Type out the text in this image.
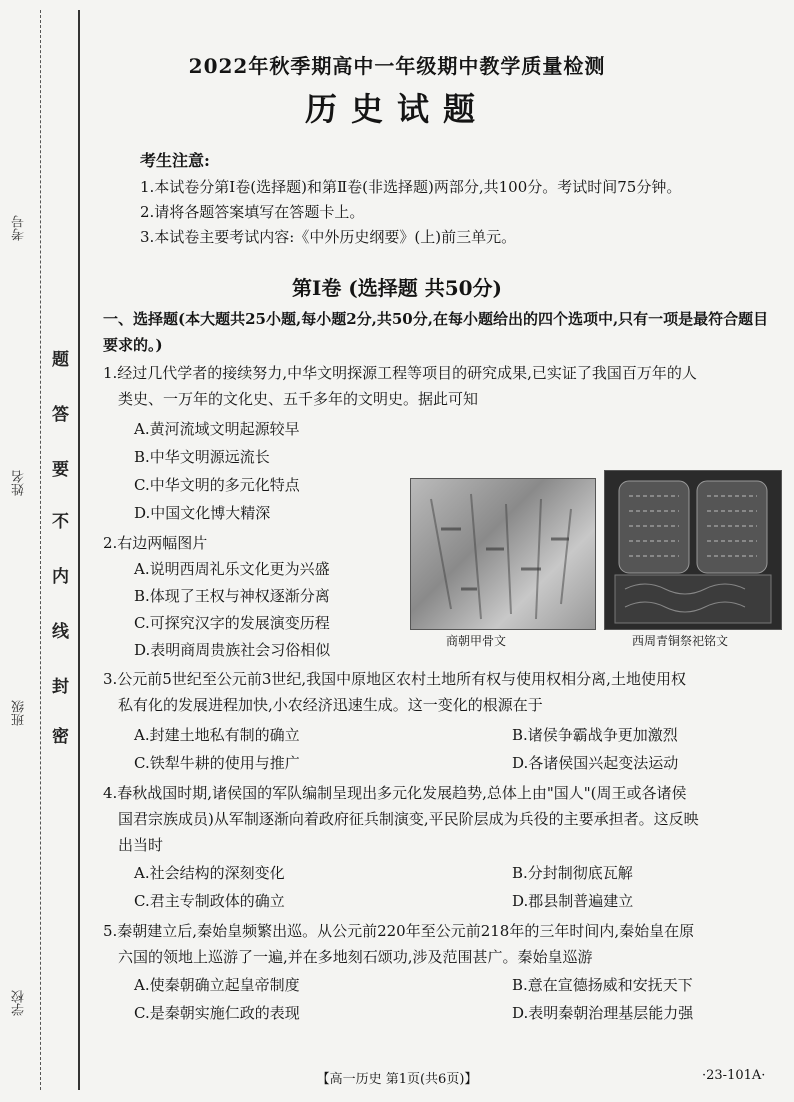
考号
姓名
班级
学校
密
封
线
内
不
要
答
题
2022年秋季期高中一年级期中教学质量检测
历史试题
考生注意:
1.本试卷分第Ⅰ卷(选择题)和第Ⅱ卷(非选择题)两部分,共100分。考试时间75分钟。
2.请将各题答案填写在答题卡上。
3.本试卷主要考试内容:《中外历史纲要》(上)前三单元。
第Ⅰ卷 (选择题 共50分)
一、选择题(本大题共25小题,每小题2分,共50分,在每小题给出的四个选项中,只有一项是最符合题目要求的。)
1.经过几代学者的接续努力,中华文明探源工程等项目的研究成果,已实证了我国百万年的人
类史、一万年的文化史、五千多年的文明史。据此可知
A.黄河流域文明起源较早
B.中华文明源远流长
C.中华文明的多元化特点
D.中国文化博大精深
2.右边两幅图片
A.说明西周礼乐文化更为兴盛
B.体现了王权与神权逐渐分离
C.可探究汉字的发展演变历程
D.表明商周贵族社会习俗相似	商朝甲骨文	西周青铜祭祀铭文
3.公元前5世纪至公元前3世纪,我国中原地区农村土地所有权与使用权相分离,土地使用权
私有化的发展进程加快,小农经济迅速生成。这一变化的根源在于
A.封建土地私有制的确立	B.诸侯争霸战争更加激烈
C.铁犁牛耕的使用与推广	D.各诸侯国兴起变法运动
4.春秋战国时期,诸侯国的军队编制呈现出多元化发展趋势,总体上由"国人"(周王或各诸侯
国君宗族成员)从军制逐渐向着政府征兵制演变,平民阶层成为兵役的主要承担者。这反映
出当时
A.社会结构的深刻变化	B.分封制彻底瓦解
C.君主专制政体的确立	D.郡县制普遍建立
5.秦朝建立后,秦始皇频繁出巡。从公元前220年至公元前218年的三年时间内,秦始皇在原
六国的领地上巡游了一遍,并在多地刻石颂功,涉及范围甚广。秦始皇巡游
A.使秦朝确立起皇帝制度	B.意在宣德扬威和安抚天下
C.是秦朝实施仁政的表现	D.表明秦朝治理基层能力强
【高一历史 第1页(共6页)】	·23-101A·
